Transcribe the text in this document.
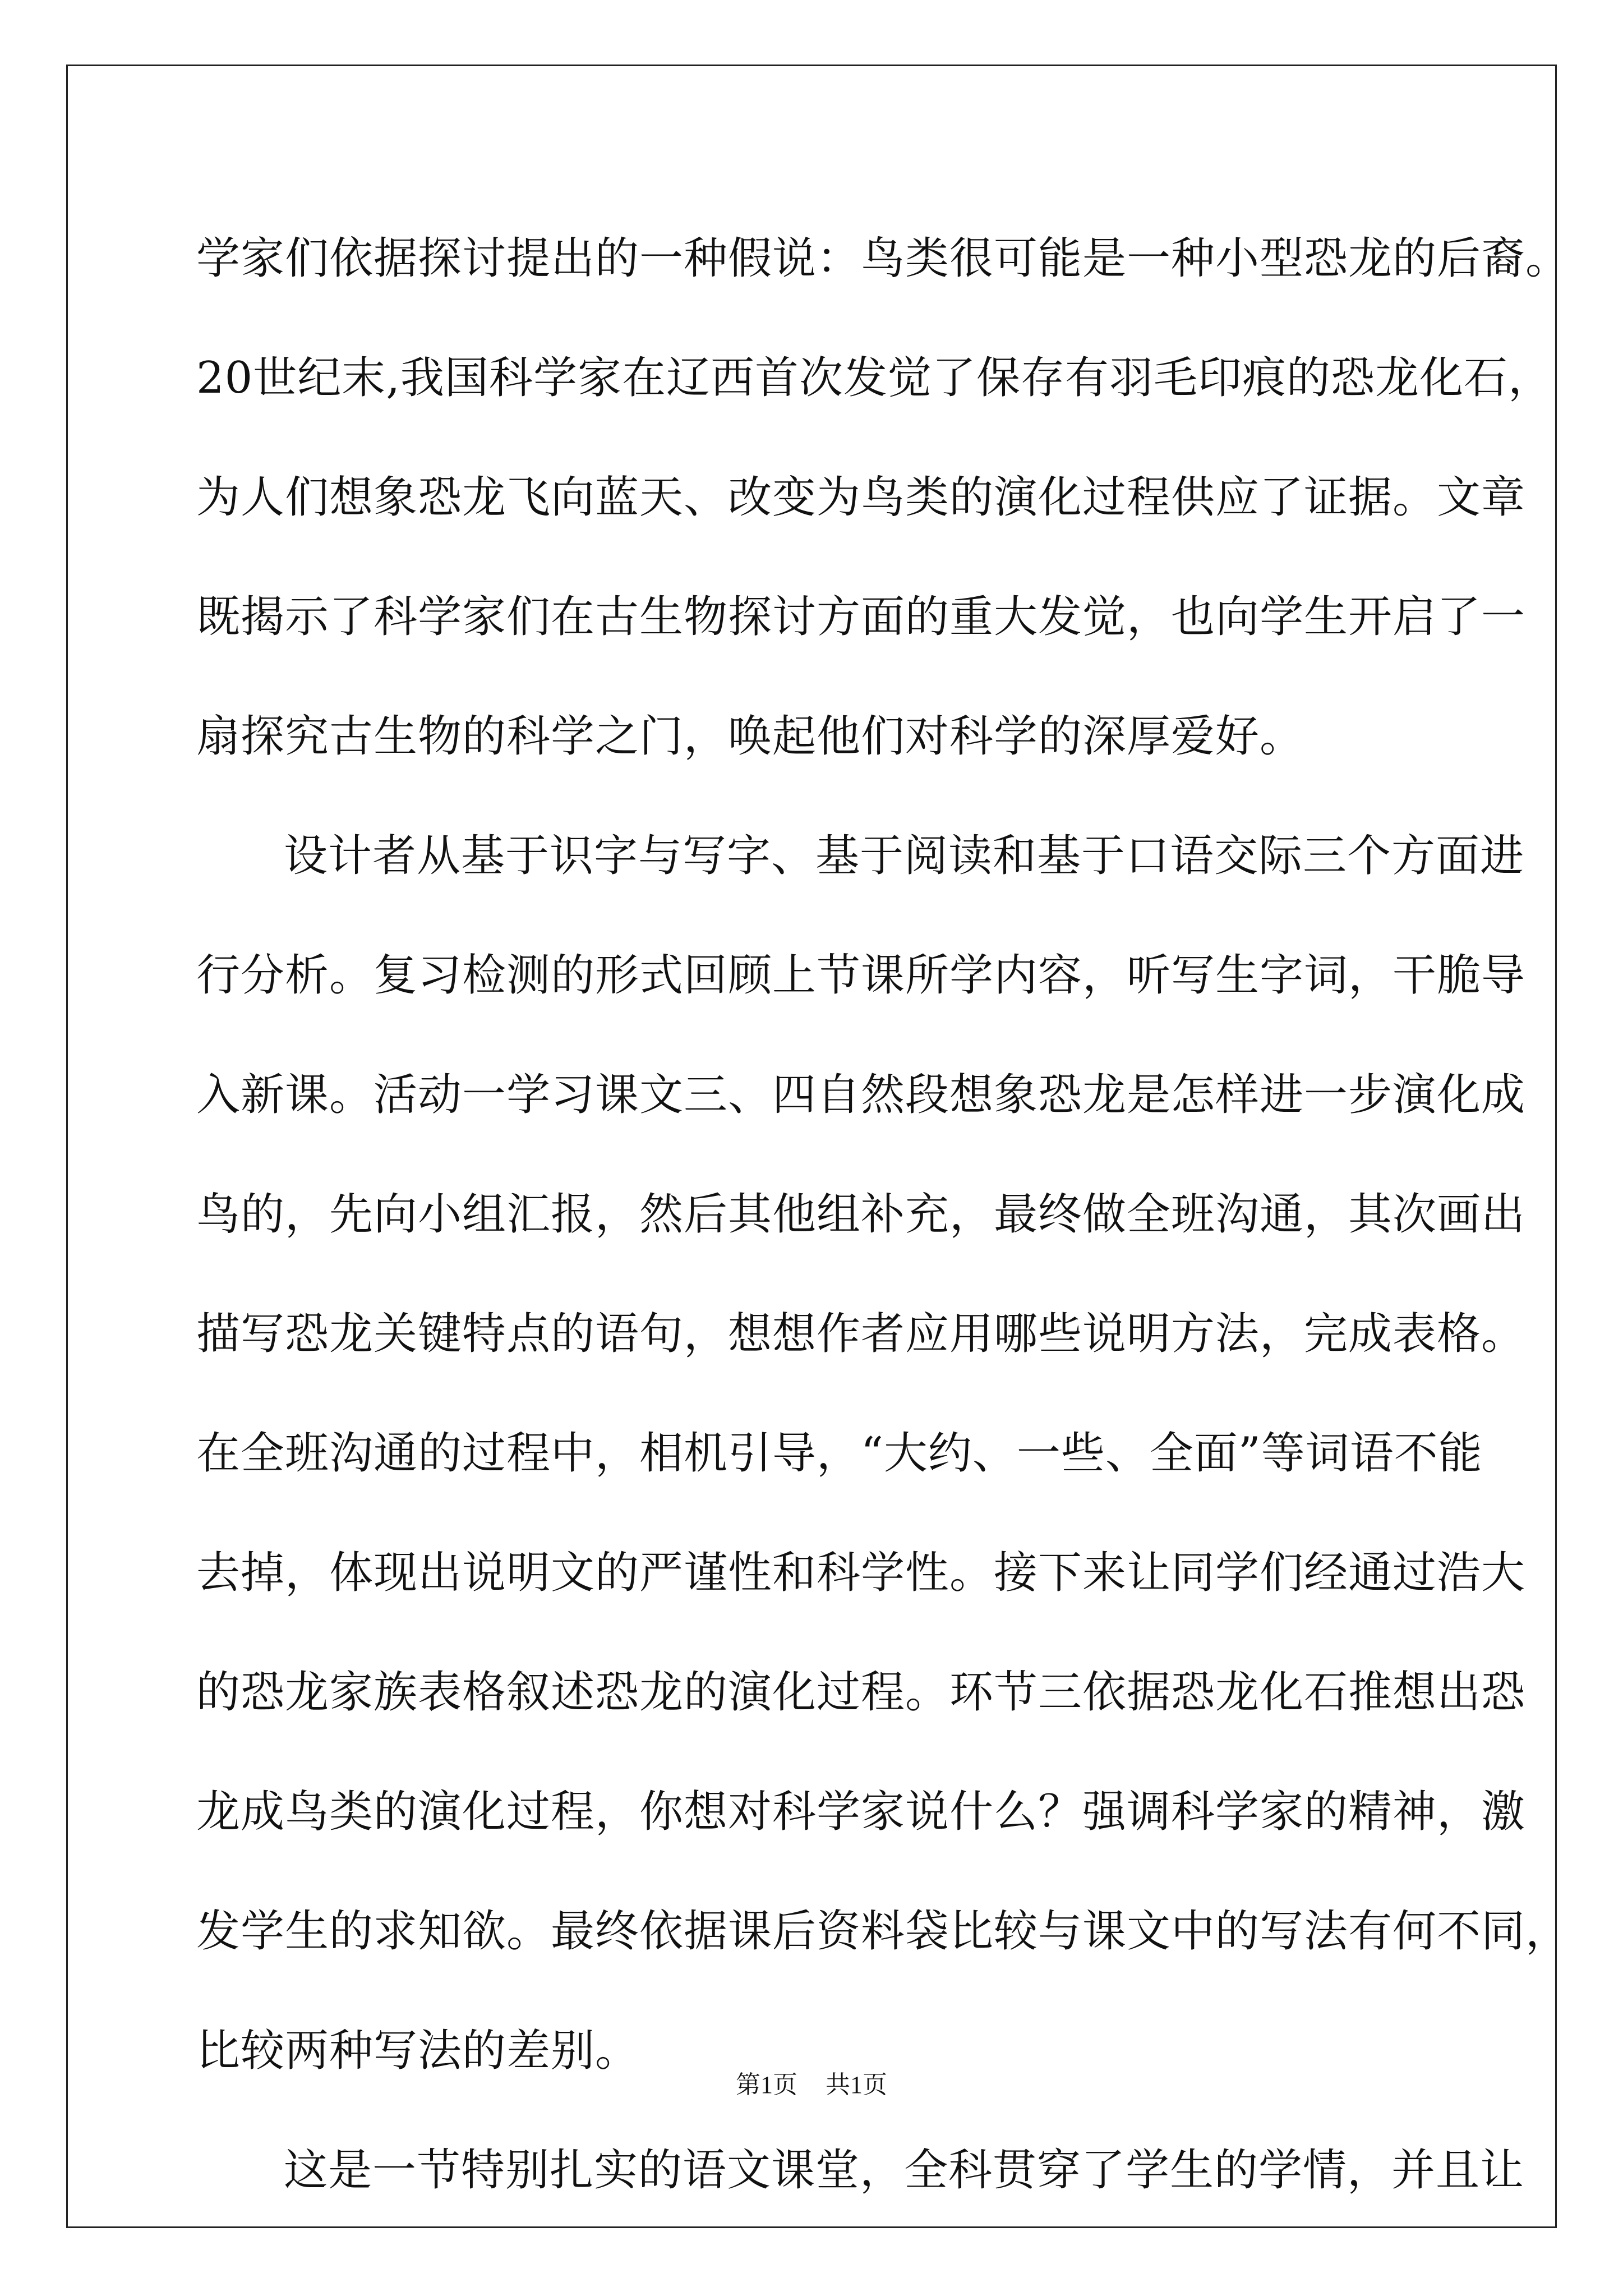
学家们依据探讨提出的一种假说：鸟类很可能是一种小型恐龙的后裔。
20世纪末,我国科学家在辽西首次发觉了保存有羽毛印痕的恐龙化石，
为人们想象恐龙飞向蓝天、改变为鸟类的演化过程供应了证据。文章
既揭示了科学家们在古生物探讨方面的重大发觉，也向学生开启了一
扇探究古生物的科学之门，唤起他们对科学的深厚爱好。
设计者从基于识字与写字、基于阅读和基于口语交际三个方面进
行分析。复习检测的形式回顾上节课所学内容，听写生字词，干脆导
入新课。活动一学习课文三、四自然段想象恐龙是怎样进一步演化成
鸟的，先向小组汇报，然后其他组补充，最终做全班沟通，其次画出
描写恐龙关键特点的语句，想想作者应用哪些说明方法，完成表格。
在全班沟通的过程中，相机引导，“大约、一些、全面”等词语不能
去掉，体现出说明文的严谨性和科学性。接下来让同学们经通过浩大
的恐龙家族表格叙述恐龙的演化过程。环节三依据恐龙化石推想出恐
龙成鸟类的演化过程，你想对科学家说什么？强调科学家的精神，激
发学生的求知欲。最终依据课后资料袋比较与课文中的写法有何不同，
比较两种写法的差别。
这是一节特别扎实的语文课堂，全科贯穿了学生的学情，并且让
第1页 共1页
